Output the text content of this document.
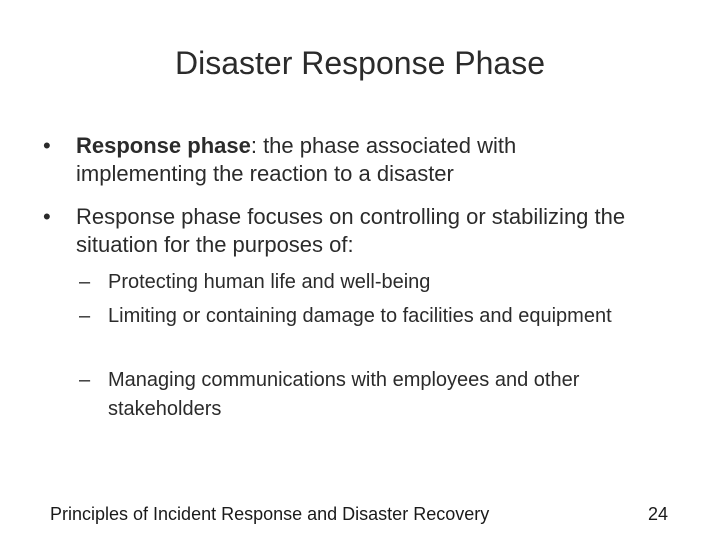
Disaster Response Phase
• Response phase: the phase associated with implementing the reaction to a disaster
• Response phase focuses on controlling or stabilizing the situation for the purposes of:
– Protecting human life and well-being
– Limiting or containing damage to facilities and equipment
– Managing communications with employees and other stakeholders
Principles of Incident Response and Disaster Recovery	24
